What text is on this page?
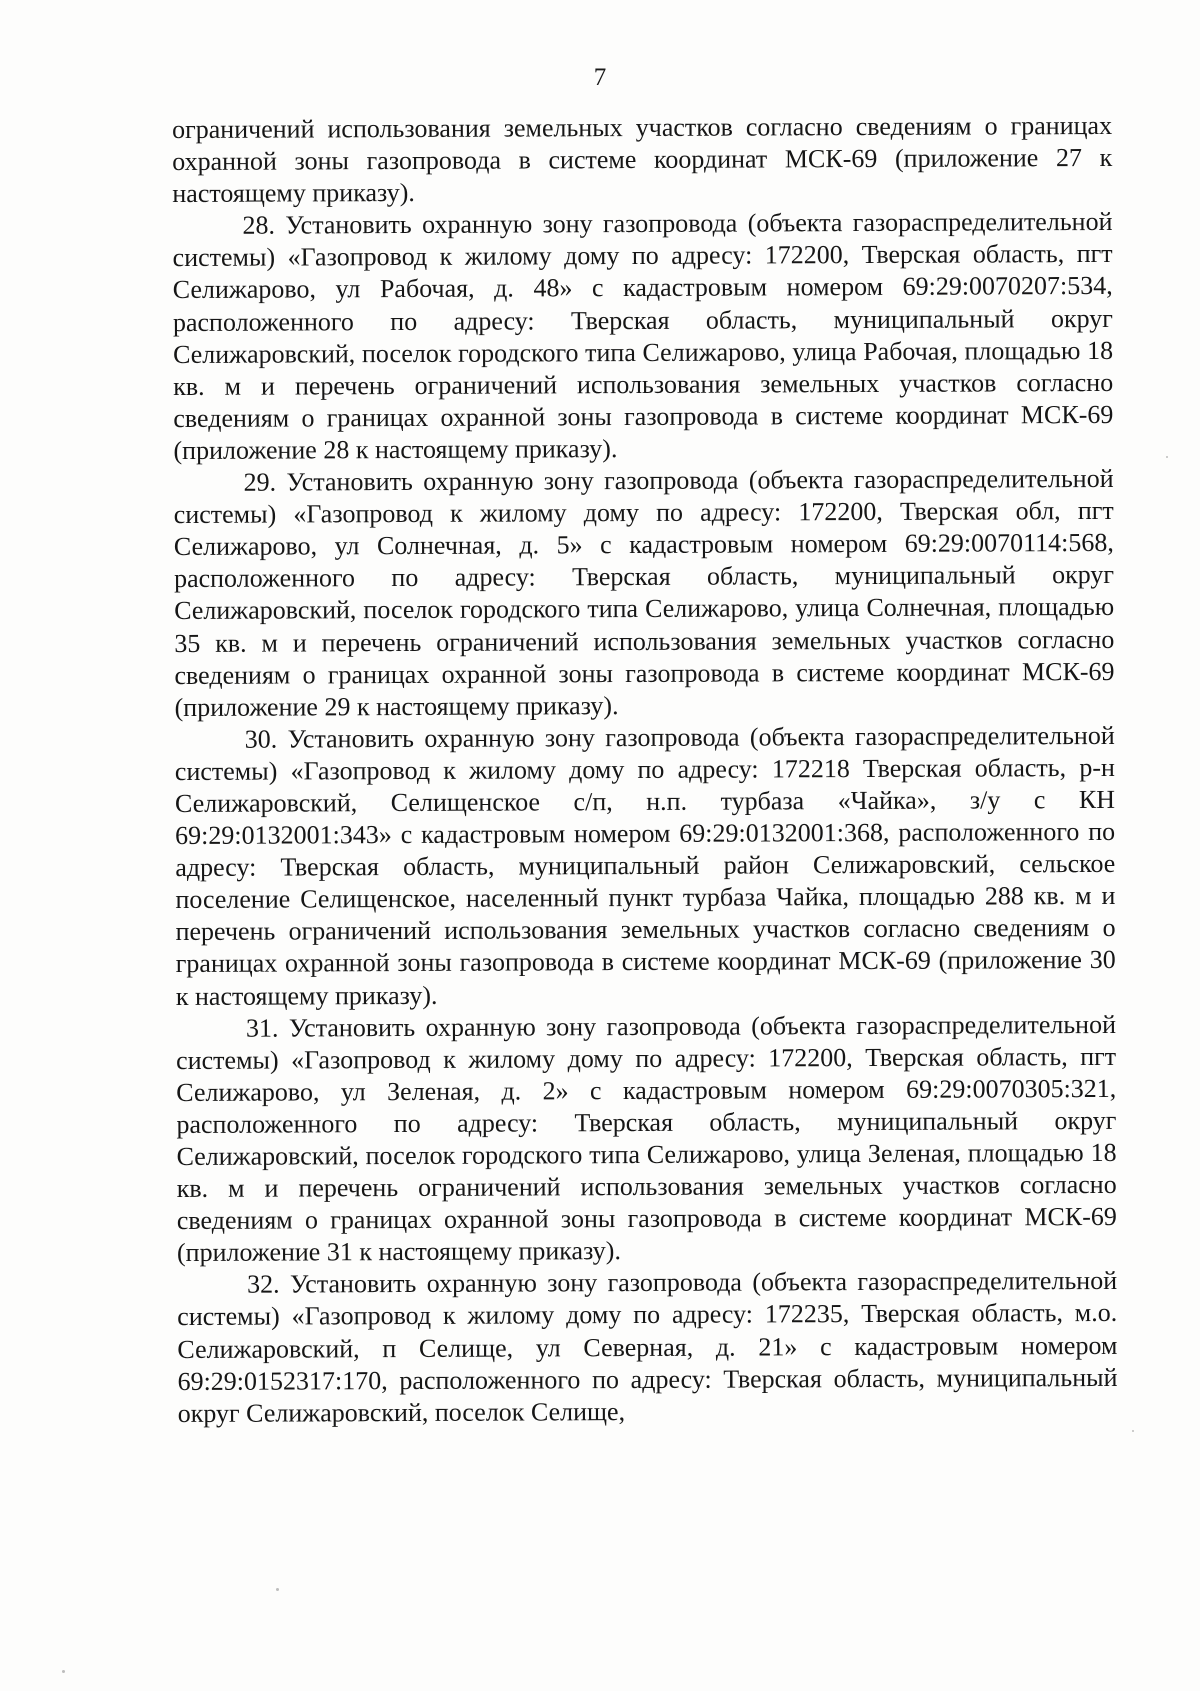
7

ограничений использования земельных участков согласно сведениям о границах охранной зоны газопровода в системе координат МСК-69 (приложение 27 к настоящему приказу).

28. Установить охранную зону газопровода (объекта газораспределительной системы) «Газопровод к жилому дому по адресу: 172200, Тверская область, пгт Селижарово, ул Рабочая, д. 48» с кадастровым номером 69:29:0070207:534, расположенного по адресу: Тверская область, муниципальный округ Селижаровский, поселок городского типа Селижарово, улица Рабочая, площадью 18 кв. м и перечень ограничений использования земельных участков согласно сведениям о границах охранной зоны газопровода в системе координат МСК-69 (приложение 28 к настоящему приказу).

29. Установить охранную зону газопровода (объекта газораспределительной системы) «Газопровод к жилому дому по адресу: 172200, Тверская обл, пгт Селижарово, ул Солнечная, д. 5» с кадастровым номером 69:29:0070114:568, расположенного по адресу: Тверская область, муниципальный округ Селижаровский, поселок городского типа Селижарово, улица Солнечная, площадью 35 кв. м и перечень ограничений использования земельных участков согласно сведениям о границах охранной зоны газопровода в системе координат МСК-69 (приложение 29 к настоящему приказу).

30. Установить охранную зону газопровода (объекта газораспределительной системы) «Газопровод к жилому дому по адресу: 172218 Тверская область, р-н Селижаровский, Селищенское с/п, н.п. турбаза «Чайка», з/у с КН 69:29:0132001:343» с кадастровым номером 69:29:0132001:368, расположенного по адресу: Тверская область, муниципальный район Селижаровский, сельское поселение Селищенское, населенный пункт турбаза Чайка, площадью 288 кв. м и перечень ограничений использования земельных участков согласно сведениям о границах охранной зоны газопровода в системе координат МСК-69 (приложение 30 к настоящему приказу).

31. Установить охранную зону газопровода (объекта газораспределительной системы) «Газопровод к жилому дому по адресу: 172200, Тверская область, пгт Селижарово, ул Зеленая, д. 2» с кадастровым номером 69:29:0070305:321, расположенного по адресу: Тверская область, муниципальный округ Селижаровский, поселок городского типа Селижарово, улица Зеленая, площадью 18 кв. м и перечень ограничений использования земельных участков согласно сведениям о границах охранной зоны газопровода в системе координат МСК-69 (приложение 31 к настоящему приказу).

32. Установить охранную зону газопровода (объекта газораспределительной системы) «Газопровод к жилому дому по адресу: 172235, Тверская область, м.о. Селижаровский, п Селище, ул Северная, д. 21» с кадастровым номером 69:29:0152317:170, расположенного по адресу: Тверская область, муниципальный округ Селижаровский, поселок Селище,
